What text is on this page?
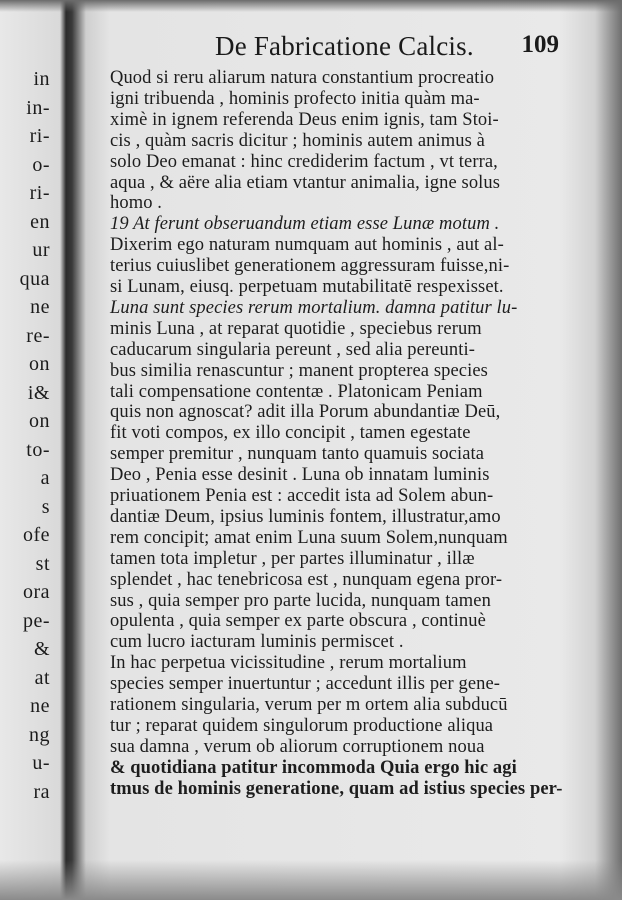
in
in-
ri-
o-
ri-
en
ur
qua
ne
re-
on
i&
on
to-
a
s
ofe
st
ora
pe-
&
at
ne
ng
u-
ra
De Fabricatione Calcis. 109
Quod si reru aliarum natura constantium procreatio
igni tribuenda , hominis profecto initia quàm ma-
ximè in ignem referenda Deus enim ignis, tam Stoi-
cis , quàm sacris dicitur ; hominis autem animus à
solo Deo emanat : hinc crediderim factum , vt terra,
aqua , & aëre alia etiam vtantur animalia, igne solus
homo .
19 At ferunt obseruandum etiam esse Lunæ motum .
Dixerim ego naturam numquam aut hominis , aut al-
terius cuiuslibet generationem aggressuram fuisse,ni-
si Lunam, eiusq. perpetuam mutabilitatē respexisset.
Luna sunt species rerum mortalium. damna patitur lu-
minis Luna , at reparat quotidie , speciebus rerum
caducarum singularia pereunt , sed alia pereunti-
bus similia renascuntur ; manent propterea species
tali compensatione contentæ . Platonicam Peniam
quis non agnoscat? adit illa Porum abundantiæ Deū,
fit voti compos, ex illo concipit , tamen egestate
semper premitur , nunquam tanto quamuis sociata
Deo , Penia esse desinit . Luna ob innatam luminis
priuationem Penia est : accedit ista ad Solem abun-
dantiæ Deum, ipsius luminis fontem, illustratur,amo
rem concipit; amat enim Luna suum Solem,nunquam
tamen tota impletur , per partes illuminatur , illæ
splendet , hac tenebricosa est , nunquam egena pror-
sus , quia semper pro parte lucida, nunquam tamen
opulenta , quia semper ex parte obscura , continuè
cum lucro iacturam luminis permiscet .
In hac perpetua vicissitudine , rerum mortalium
species semper inuertuntur ; accedunt illis per gene-
rationem singularia, verum per m ortem alia subducū
tur ; reparat quidem singulorum productione aliqua
sua damna , verum ob aliorum corruptionem noua
& quotidiana patitur incommoda Quia ergo hic agi
tmus de hominis generatione, quam ad istius species per-
